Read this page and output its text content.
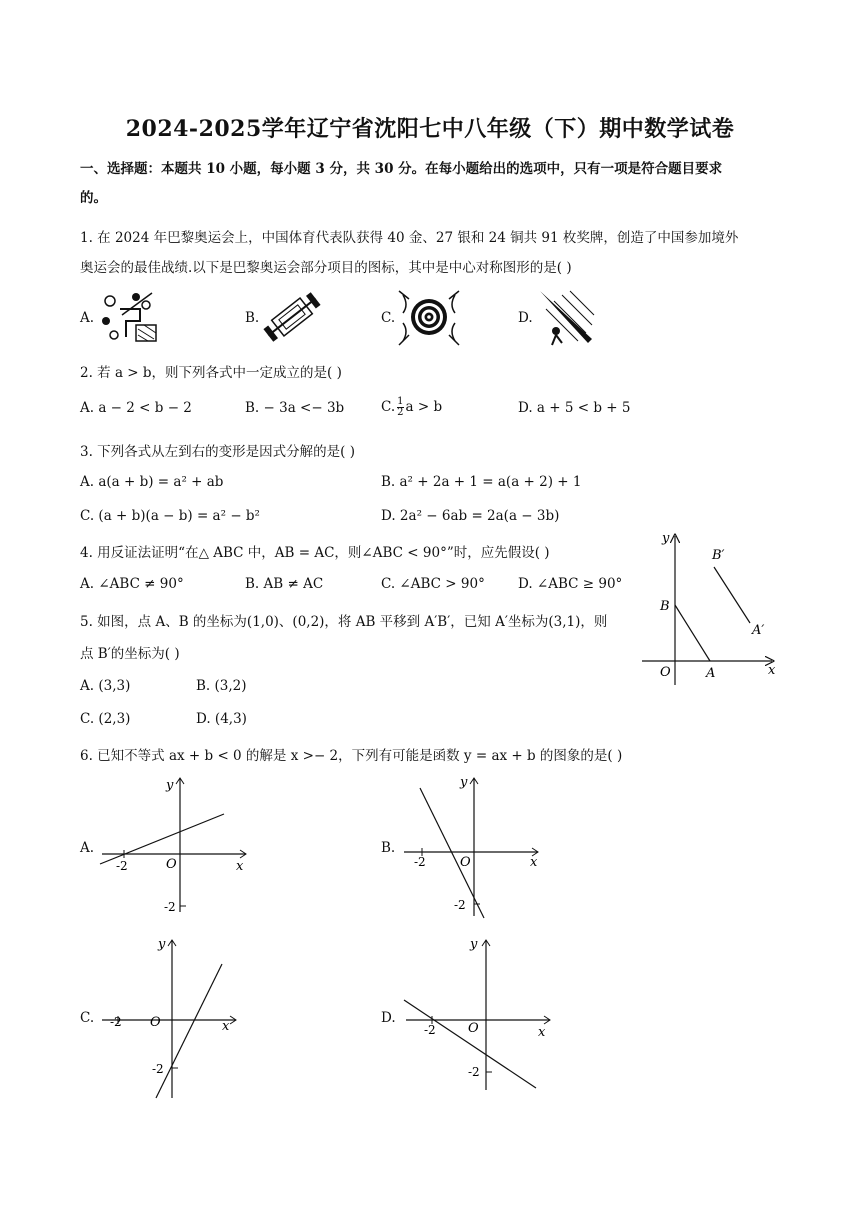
2024-2025学年辽宁省沈阳七中八年级（下）期中数学试卷
一、选择题：本题共 10 小题，每小题 3 分，共 30 分。在每小题给出的选项中，只有一项是符合题目要求
的。
1. 在 2024 年巴黎奥运会上，中国体育代表队获得 40 金、27 银和 24 铜共 91 枚奖牌，创造了中国参加境外
奥运会的最佳战绩.以下是巴黎奥运会部分项目的图标，其中是中心对称图形的是( )
A.	B.	C.	D.
2. 若 a > b，则下列各式中一定成立的是( )
A. a − 2 < b − 2	B. − 3a <− 3b	C. $\frac{1}{2}$ a > b	D. a + 5 < b + 5
3. 下列各式从左到右的变形是因式分解的是( )
A. a(a + b) = a² + ab	B. a² + 2a + 1 = a(a + 2) + 1
C. (a + b)(a − b) = a² − b²	D. 2a² − 6ab = 2a(a − 3b)
4. 用反证法证明“在△ ABC 中，AB = AC，则∠ABC < 90°”时，应先假设( )
A. ∠ABC ≠ 90°	B. AB ≠ AC	C. ∠ABC > 90° D. ∠ABC ≥ 90°
5. 如图，点 A、B 的坐标为(1,0)、(0,2)，将 AB 平移到 A′B′，已知 A′坐标为(3,1)，则
点 B′的坐标为( )
A. (3,3)	B. (3,2)
C. (2,3)	D. (4,3)
y
x
O	A
B
B′
A′
6. 已知不等式 ax + b < 0 的解是 x >− 2，下列有可能是函数 y = ax + b 的图象的是( )
A.
y
x
O
-2
-2
B.
y
x
O
-2
-2
C.
y
x
O
-2
-2
D.
y
x
O
-2
-2
